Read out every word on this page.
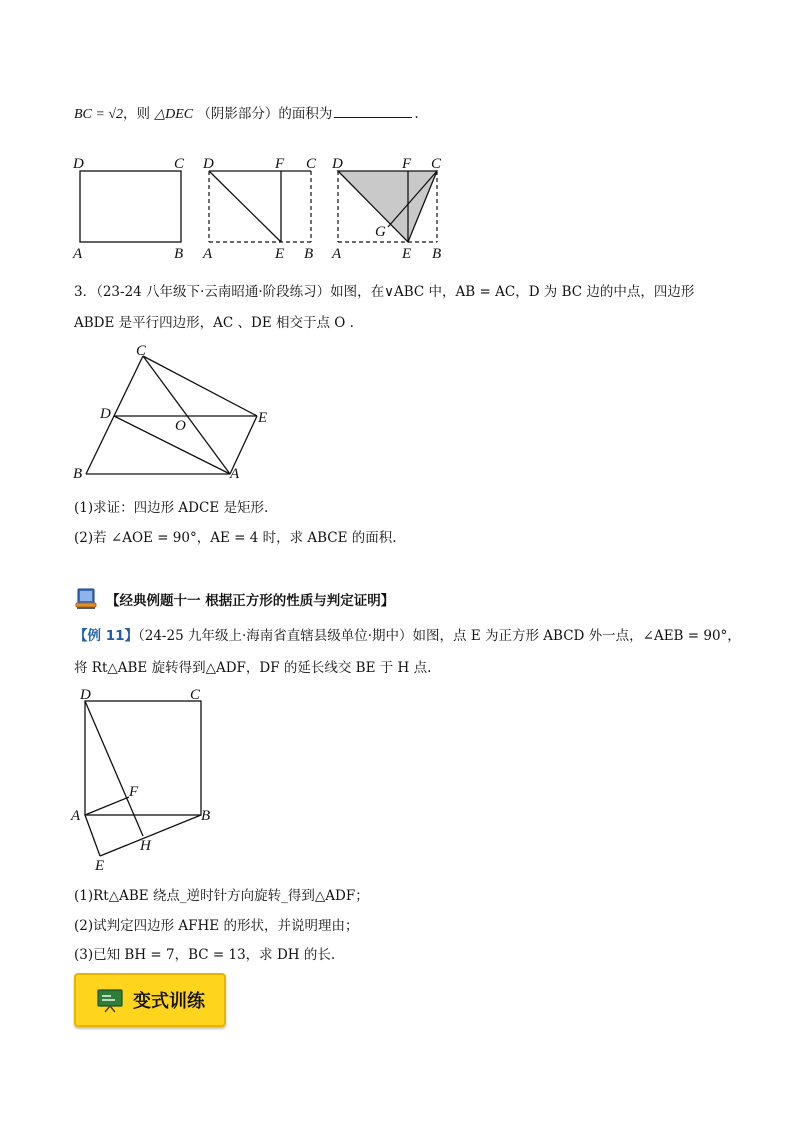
BC = √2，则 △DEC （阴影部分）的面积为	.
D	C
A	B
D	F C
A	E B
D	F C
G
A	E B
3．（23-24 八年级下·云南昭通·阶段练习）如图，在∨ABC 中，AB = AC，D 为 BC 边的中点，四边形
ABDE 是平行四边形，AC 、DE 相交于点 O .
C
D
O	E
B	A
(1)求证：四边形 ADCE 是矩形.
(2)若 ∠AOE = 90°，AE = 4 时，求 ABCE 的面积.
【经典例题十一 根据正方形的性质与判定证明】
【例 11】（24-25 九年级上·海南省直辖县级单位·期中）如图，点 E 为正方形 ABCD 外一点，∠AEB = 90°，
将 Rt△ABE 旋转得到△ADF，DF 的延长线交 BE 于 H 点.
D	C
F
A	B
H
E
(1)Rt△ABE 绕点_逆时针方向旋转_得到△ADF；
(2)试判定四边形 AFHE 的形状，并说明理由；
(3)已知 BH = 7，BC = 13，求 DH 的长.
变式训练
